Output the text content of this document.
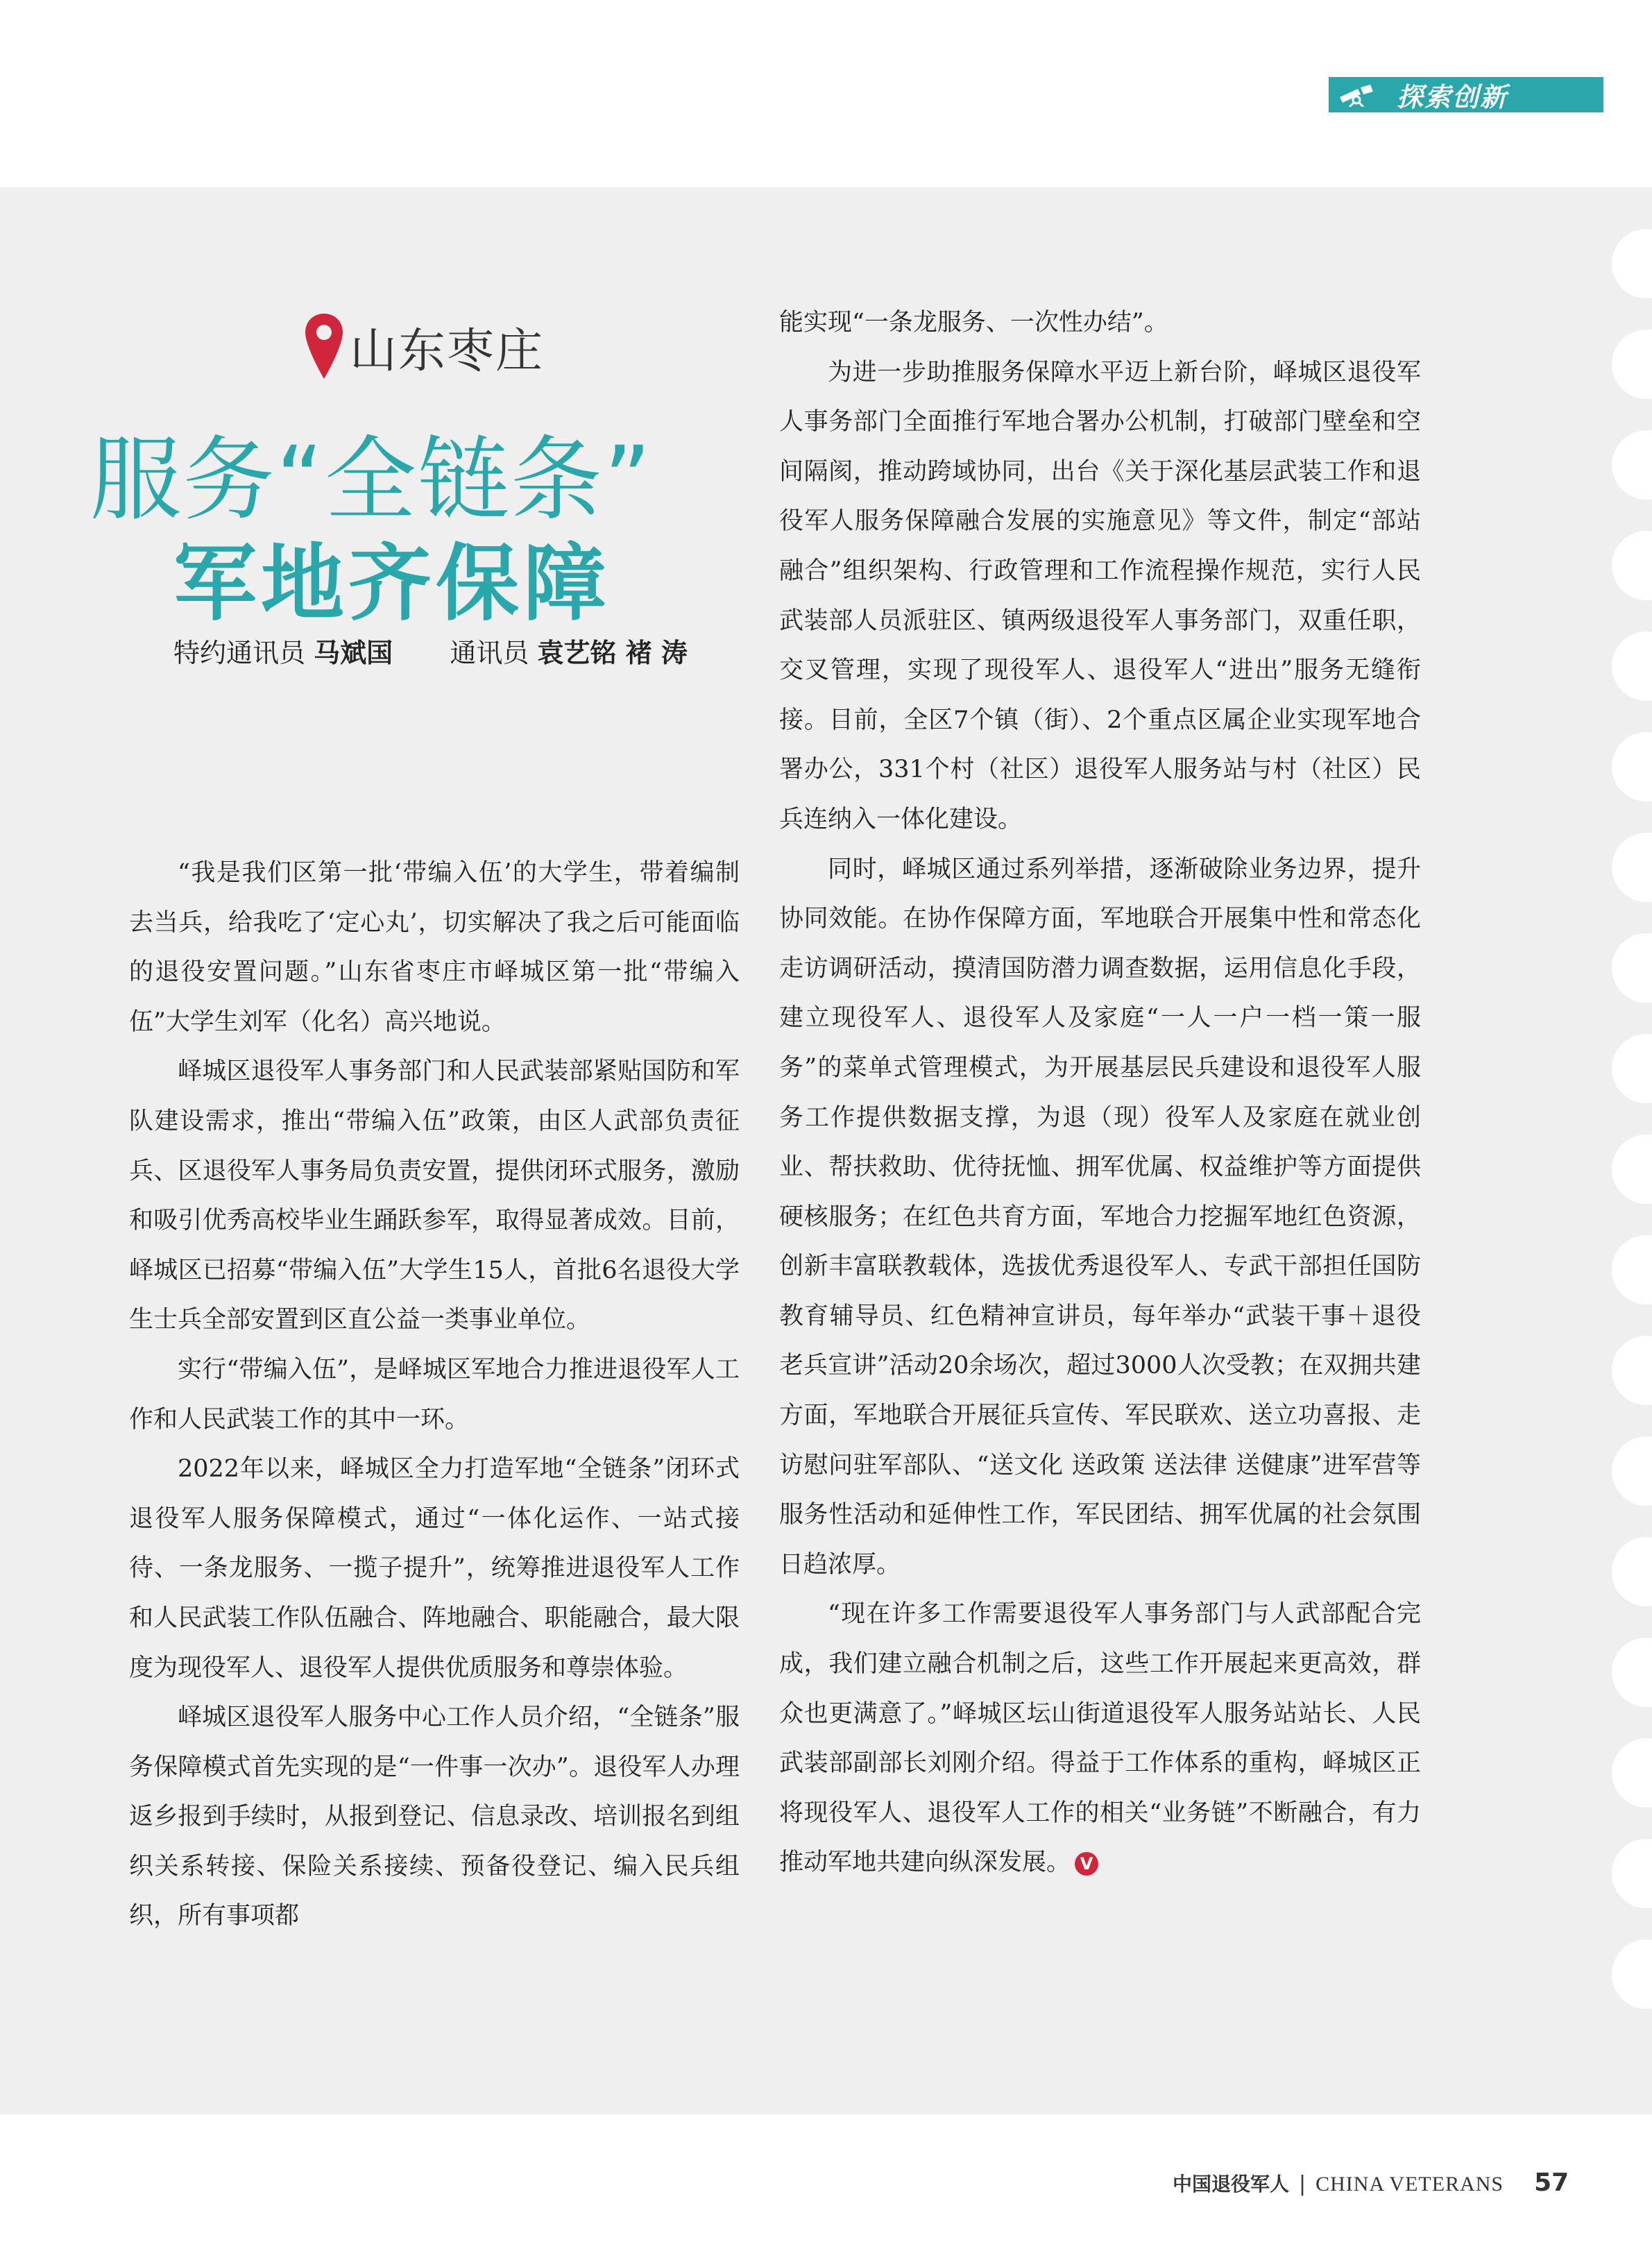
探索创新
山东枣庄
服务“全链条”
军地齐保障
特约通讯员 马斌国 通讯员 袁艺铭 褚 涛

“我是我们区第一批‘带编入伍’的大学生，带着编制去当兵，给我吃了‘定心丸’，切实解决了我之后可能面临的退役安置问题。”山东省枣庄市峄城区第一批“带编入伍”大学生刘军（化名）高兴地说。

峄城区退役军人事务部门和人民武装部紧贴国防和军队建设需求，推出“带编入伍”政策，由区人武部负责征兵、区退役军人事务局负责安置，提供闭环式服务，激励和吸引优秀高校毕业生踊跃参军，取得显著成效。目前，峄城区已招募“带编入伍”大学生15人，首批6名退役大学生士兵全部安置到区直公益一类事业单位。

实行“带编入伍”，是峄城区军地合力推进退役军人工作和人民武装工作的其中一环。

2022年以来，峄城区全力打造军地“全链条”闭环式退役军人服务保障模式，通过“一体化运作、一站式接待、一条龙服务、一揽子提升”，统筹推进退役军人工作和人民武装工作队伍融合、阵地融合、职能融合，最大限度为现役军人、退役军人提供优质服务和尊崇体验。

峄城区退役军人服务中心工作人员介绍，“全链条”服务保障模式首先实现的是“一件事一次办”。退役军人办理返乡报到手续时，从报到登记、信息录改、培训报名到组织关系转接、保险关系接续、预备役登记、编入民兵组织，所有事项都

能实现“一条龙服务、一次性办结”。

为进一步助推服务保障水平迈上新台阶，峄城区退役军人事务部门全面推行军地合署办公机制，打破部门壁垒和空间隔阂，推动跨域协同，出台《关于深化基层武装工作和退役军人服务保障融合发展的实施意见》等文件，制定“部站融合”组织架构、行政管理和工作流程操作规范，实行人民武装部人员派驻区、镇两级退役军人事务部门，双重任职，交叉管理，实现了现役军人、退役军人“进出”服务无缝衔接。目前，全区7个镇（街）、2个重点区属企业实现军地合署办公，331个村（社区）退役军人服务站与村（社区）民兵连纳入一体化建设。

同时，峄城区通过系列举措，逐渐破除业务边界，提升协同效能。在协作保障方面，军地联合开展集中性和常态化走访调研活动，摸清国防潜力调查数据，运用信息化手段，建立现役军人、退役军人及家庭“一人一户一档一策一服务”的菜单式管理模式，为开展基层民兵建设和退役军人服务工作提供数据支撑，为退（现）役军人及家庭在就业创业、帮扶救助、优待抚恤、拥军优属、权益维护等方面提供硬核服务；在红色共育方面，军地合力挖掘军地红色资源，创新丰富联教载体，选拔优秀退役军人、专武干部担任国防教育辅导员、红色精神宣讲员，每年举办“武装干事＋退役老兵宣讲”活动20余场次，超过3000人次受教；在双拥共建方面，军地联合开展征兵宣传、军民联欢、送立功喜报、走访慰问驻军部队、“送文化 送政策 送法律 送健康”进军营等服务性活动和延伸性工作，军民团结、拥军优属的社会氛围日趋浓厚。

“现在许多工作需要退役军人事务部门与人武部配合完成，我们建立融合机制之后，这些工作开展起来更高效，群众也更满意了。”峄城区坛山街道退役军人服务站站长、人民武装部副部长刘刚介绍。得益于工作体系的重构，峄城区正将现役军人、退役军人工作的相关“业务链”不断融合，有力推动军地共建向纵深发展。 V

中国退役军人 | CHINA VETERANS 57
